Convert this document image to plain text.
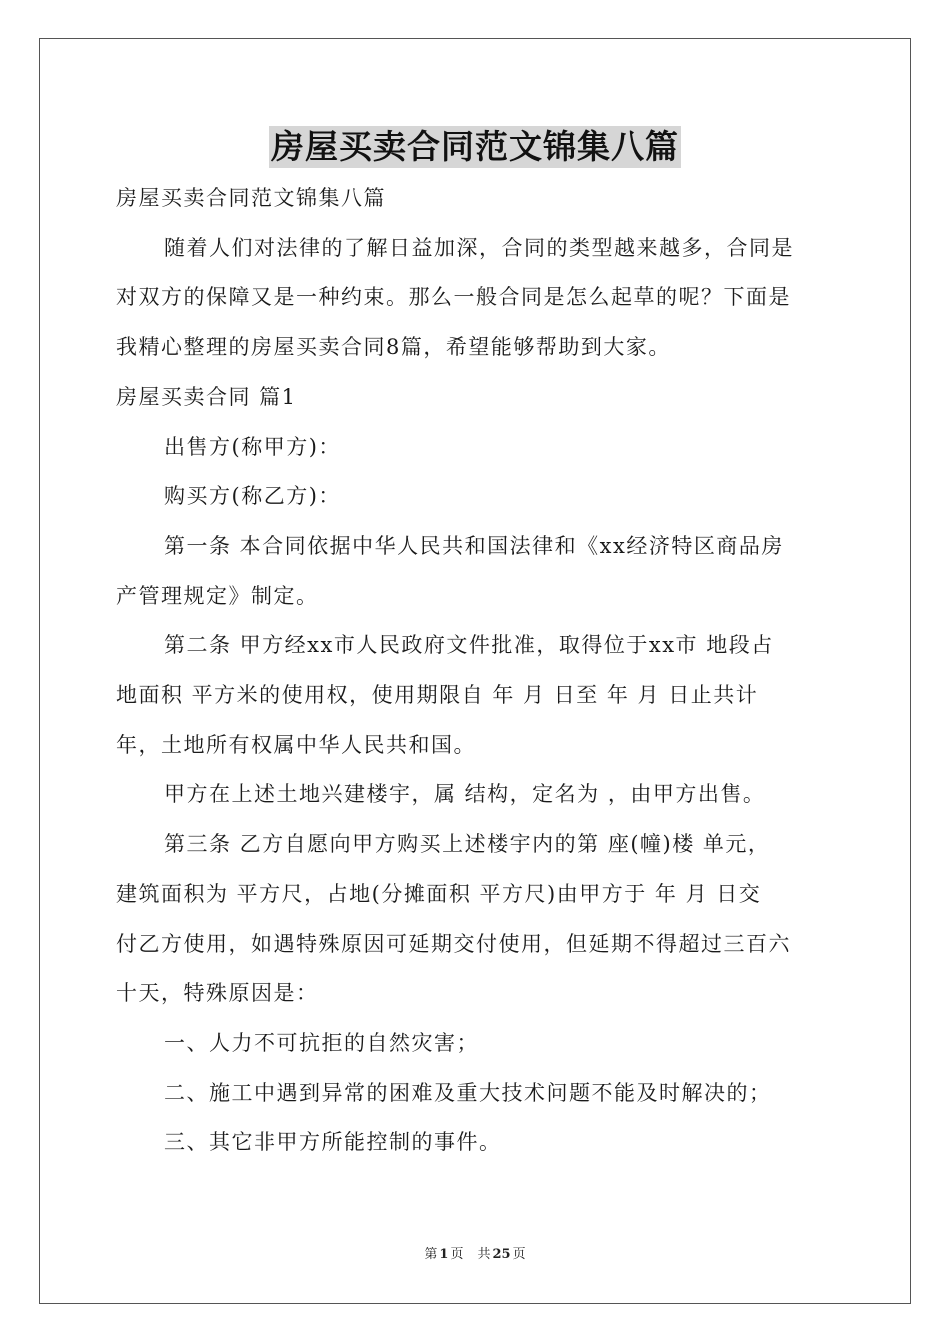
房屋买卖合同范文锦集八篇

房屋买卖合同范文锦集八篇

随着人们对法律的了解日益加深，合同的类型越来越多，合同是

对双方的保障又是一种约束。那么一般合同是怎么起草的呢？下面是

我精心整理的房屋买卖合同8篇，希望能够帮助到大家。

房屋买卖合同 篇1

出售方(称甲方)：

购买方(称乙方)：

第一条 本合同依据中华人民共和国法律和《xx经济特区商品房

产管理规定》制定。

第二条 甲方经xx市人民政府文件批准，取得位于xx市 地段占

地面积 平方米的使用权，使用期限自 年 月 日至 年 月 日止共计

年，土地所有权属中华人民共和国。

甲方在上述土地兴建楼宇，属 结构，定名为 ，由甲方出售。

第三条 乙方自愿向甲方购买上述楼宇内的第 座(幢)楼 单元，

建筑面积为 平方尺，占地(分摊面积 平方尺)由甲方于 年 月 日交

付乙方使用，如遇特殊原因可延期交付使用，但延期不得超过三百六

十天，特殊原因是：

一、人力不可抗拒的自然灾害；

二、施工中遇到异常的困难及重大技术问题不能及时解决的；

三、其它非甲方所能控制的事件。

第 1 页 共 25 页
